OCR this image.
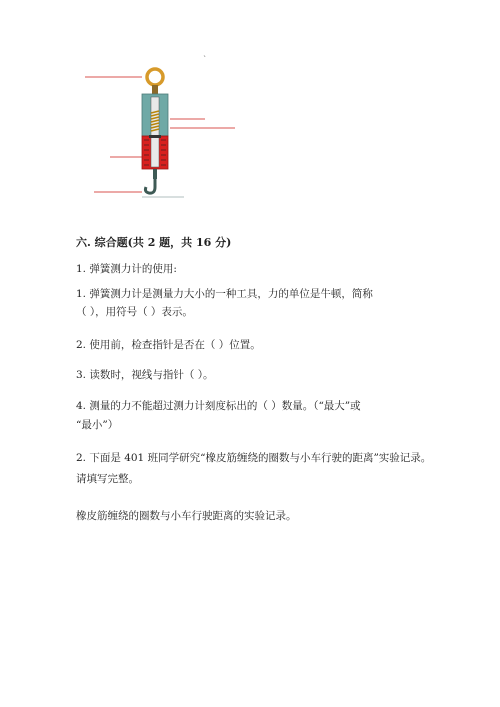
`
六. 综合题(共 2 题，共 16 分)
1. 弹簧测力计的使用:
1. 弹簧测力计是测量力大小的一种工具，力的单位是牛顿，简称
（ ），用符号（ ）表示。
2. 使用前，检查指针是否在（ ）位置。
3. 读数时，视线与指针（ ）。
4. 测量的力不能超过测力计刻度标出的（ ）数量。（“最大”或
“最小”）
2. 下面是 401 班同学研究“橡皮筋缠绕的圈数与小车行驶的距离”实验记录。
请填写完整。
橡皮筋缠绕的圈数与小车行驶距离的实验记录。
